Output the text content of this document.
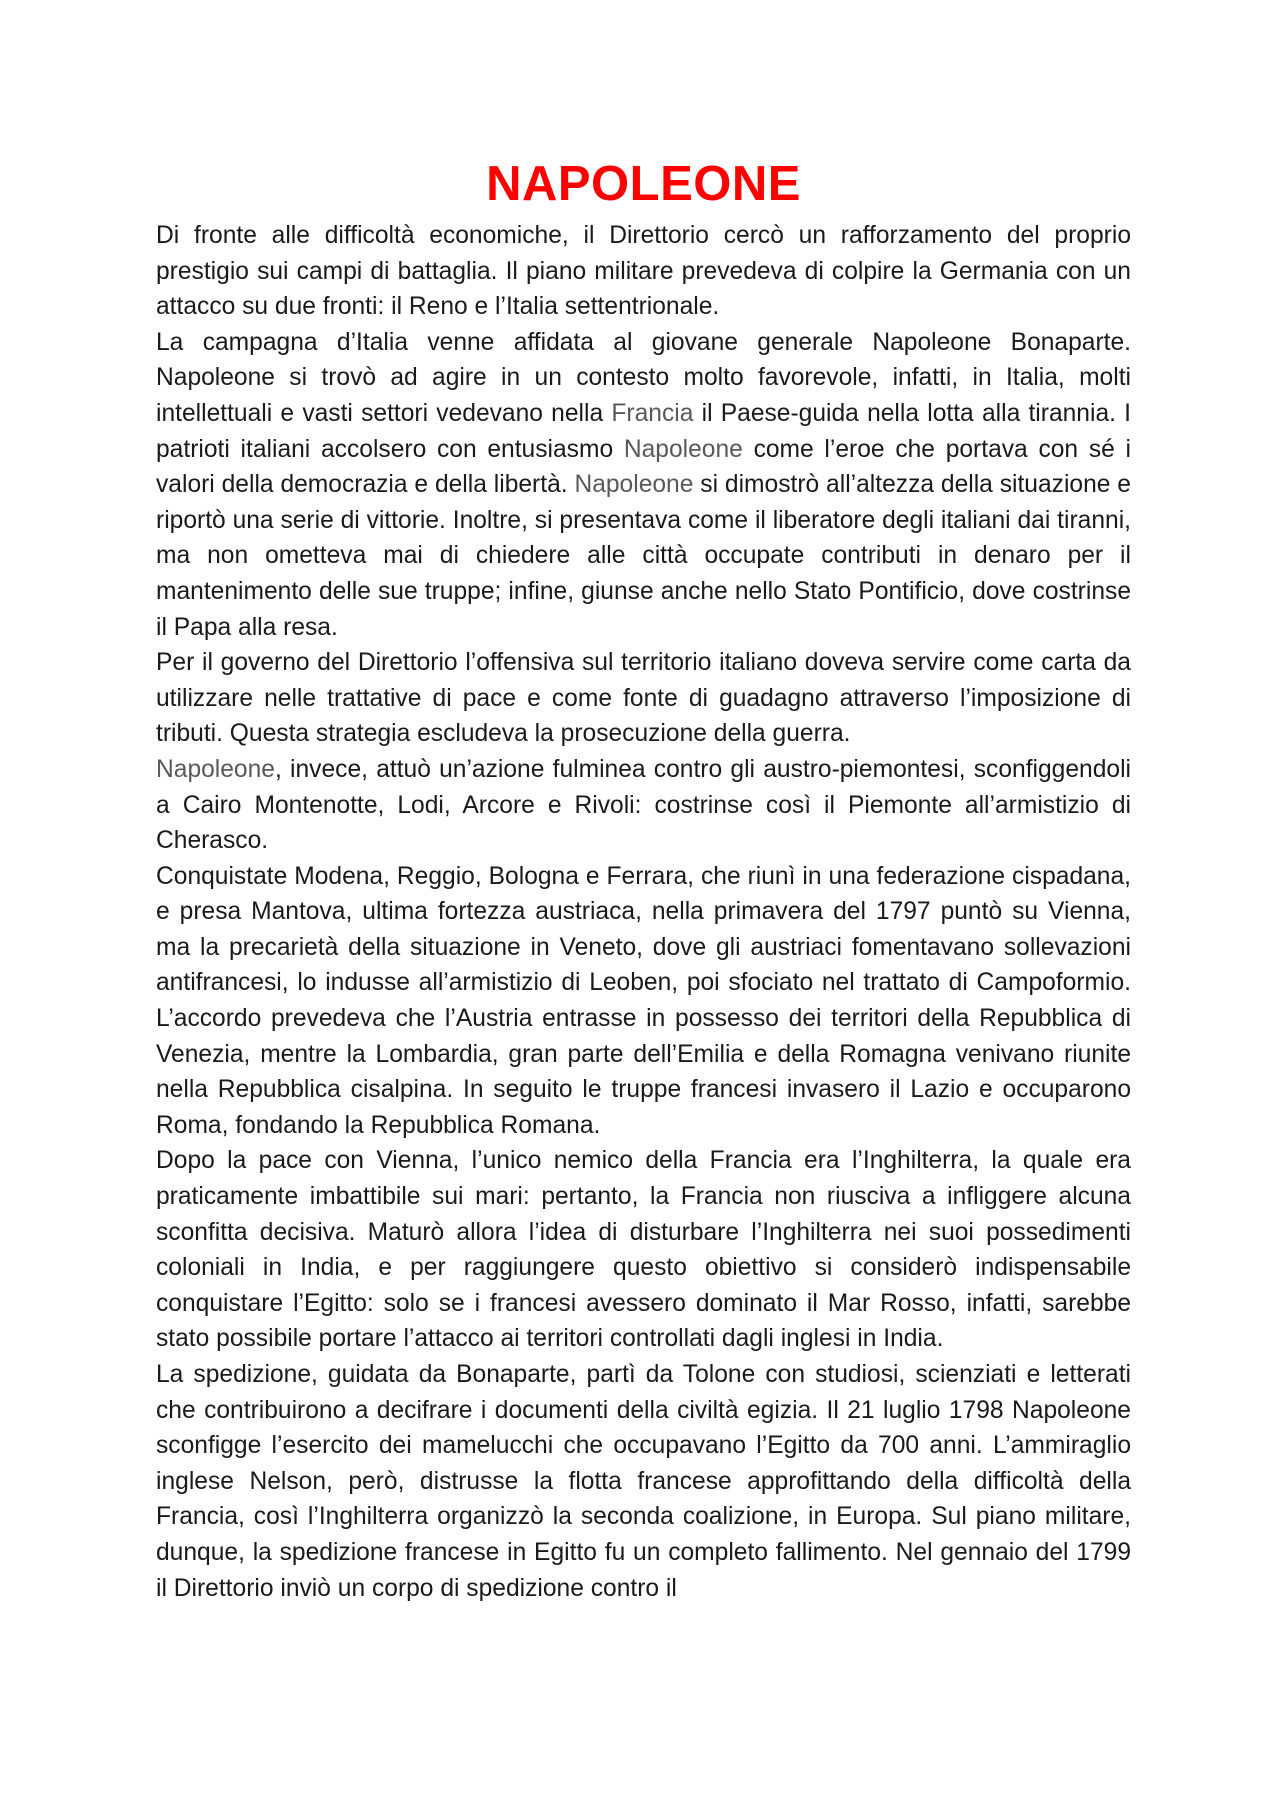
NAPOLEONE

Di fronte alle difficoltà economiche, il Direttorio cercò un rafforzamento del proprio prestigio sui campi di battaglia. Il piano militare prevedeva di colpire la Germania con un attacco su due fronti: il Reno e l’Italia settentrionale.

La campagna d’Italia venne affidata al giovane generale Napoleone Bonaparte. Napoleone si trovò ad agire in un contesto molto favorevole, infatti, in Italia, molti intellettuali e vasti settori vedevano nella Francia il Paese-guida nella lotta alla tirannia. I patrioti italiani accolsero con entusiasmo Napoleone come l’eroe che portava con sé i valori della democrazia e della libertà. Napoleone si dimostrò all’altezza della situazione e riportò una serie di vittorie. Inoltre, si presentava come il liberatore degli italiani dai tiranni, ma non ometteva mai di chiedere alle città occupate contributi in denaro per il mantenimento delle sue truppe; infine, giunse anche nello Stato Pontificio, dove costrinse il Papa alla resa.

Per il governo del Direttorio l’offensiva sul territorio italiano doveva servire come carta da utilizzare nelle trattative di pace e come fonte di guadagno attraverso l’imposizione di tributi. Questa strategia escludeva la prosecuzione della guerra.

Napoleone, invece, attuò un’azione fulminea contro gli austro-piemontesi, sconfiggendoli a Cairo Montenotte, Lodi, Arcore e Rivoli: costrinse così il Piemonte all’armistizio di Cherasco.

Conquistate Modena, Reggio, Bologna e Ferrara, che riunì in una federazione cispadana, e presa Mantova, ultima fortezza austriaca, nella primavera del 1797 puntò su Vienna, ma la precarietà della situazione in Veneto, dove gli austriaci fomentavano sollevazioni antifrancesi, lo indusse all’armistizio di Leoben, poi sfociato nel trattato di Campoformio. L’accordo prevedeva che l’Austria entrasse in possesso dei territori della Repubblica di Venezia, mentre la Lombardia, gran parte dell’Emilia e della Romagna venivano riunite nella Repubblica cisalpina. In seguito le truppe francesi invasero il Lazio e occuparono Roma, fondando la Repubblica Romana.

Dopo la pace con Vienna, l’unico nemico della Francia era l’Inghilterra, la quale era praticamente imbattibile sui mari: pertanto, la Francia non riusciva a infliggere alcuna sconfitta decisiva. Maturò allora l’idea di disturbare l’Inghilterra nei suoi possedimenti coloniali in India, e per raggiungere questo obiettivo si considerò indispensabile conquistare l’Egitto: solo se i francesi avessero dominato il Mar Rosso, infatti, sarebbe stato possibile portare l’attacco ai territori controllati dagli inglesi in India.

La spedizione, guidata da Bonaparte, partì da Tolone con studiosi, scienziati e letterati che contribuirono a decifrare i documenti della civiltà egizia. Il 21 luglio 1798 Napoleone sconfigge l’esercito dei mamelucchi che occupavano l’Egitto da 700 anni. L’ammiraglio inglese Nelson, però, distrusse la flotta francese approfittando della difficoltà della Francia, così l’Inghilterra organizzò la seconda coalizione, in Europa. Sul piano militare, dunque, la spedizione francese in Egitto fu un completo fallimento. Nel gennaio del 1799 il Direttorio inviò un corpo di spedizione contro il
